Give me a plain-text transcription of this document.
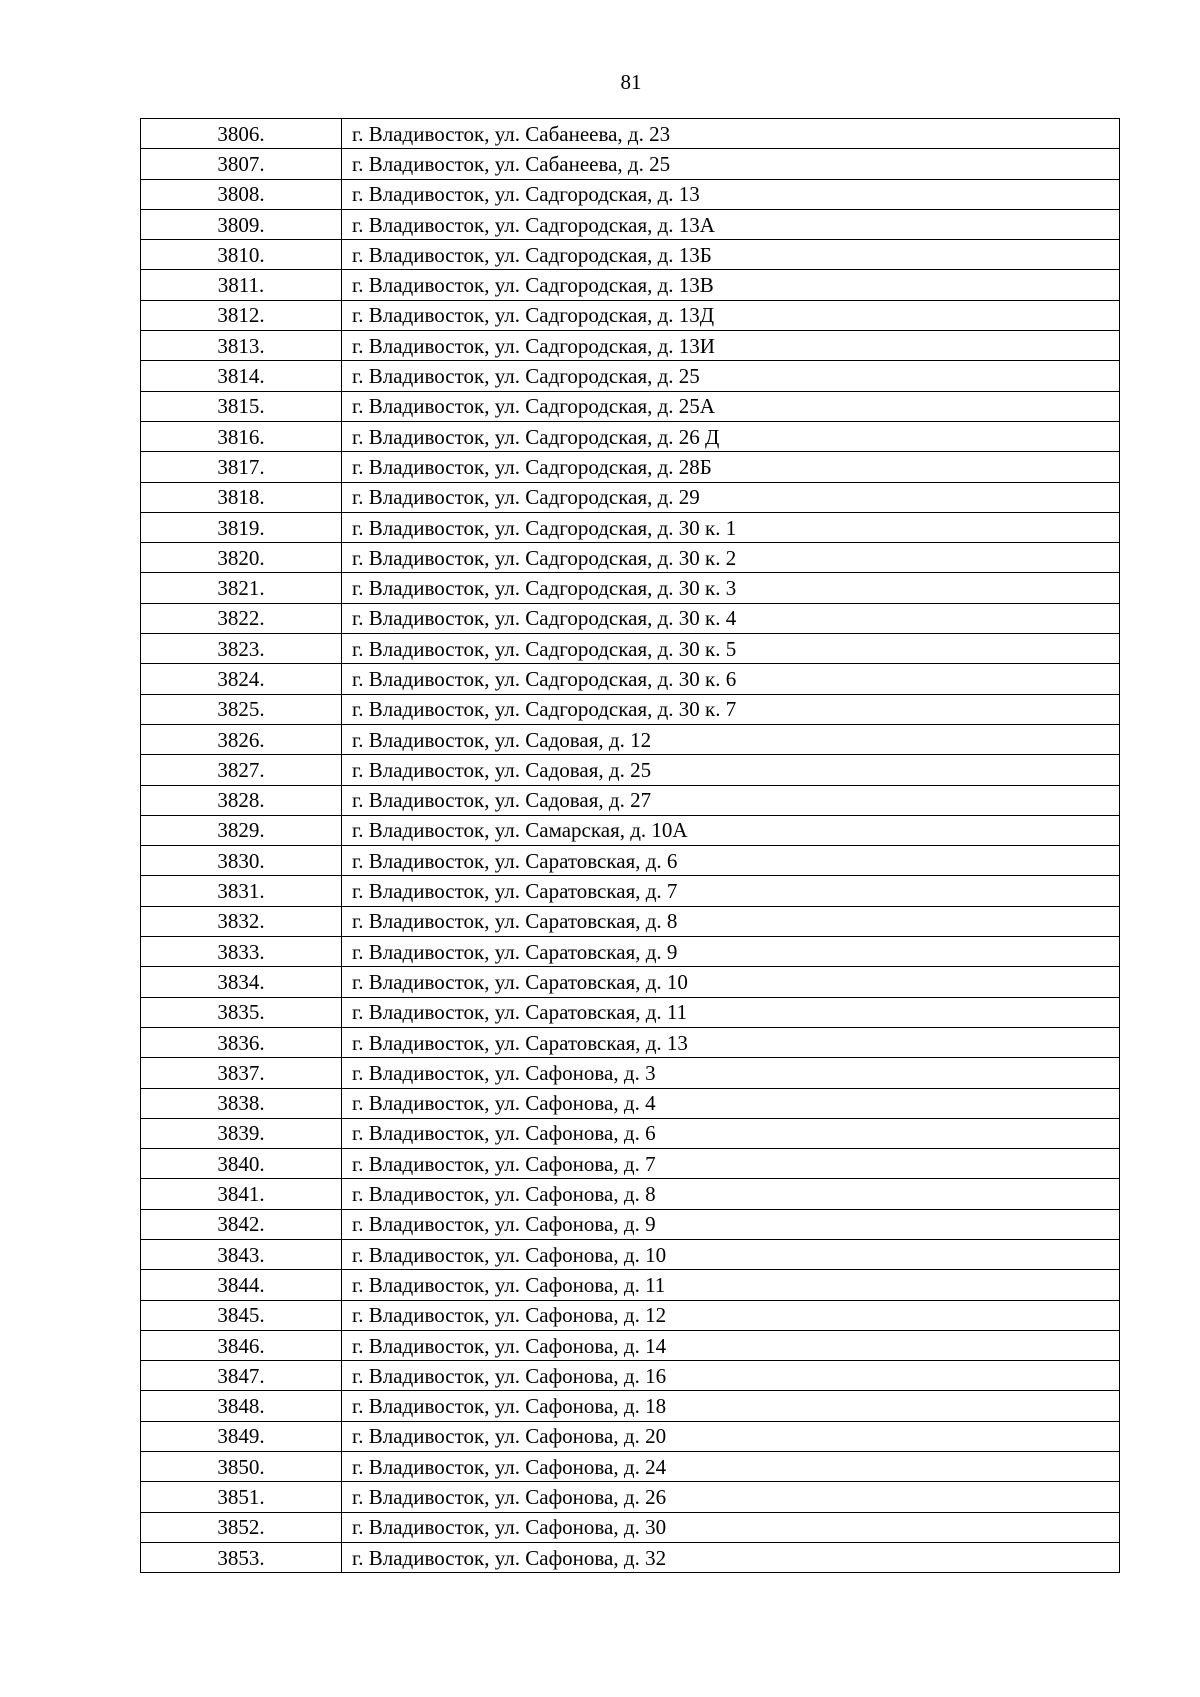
81
3806.	г. Владивосток, ул. Сабанеева, д. 23
3807.	г. Владивосток, ул. Сабанеева, д. 25
3808.	г. Владивосток, ул. Садгородская, д. 13
3809.	г. Владивосток, ул. Садгородская, д. 13А
3810.	г. Владивосток, ул. Садгородская, д. 13Б
3811.	г. Владивосток, ул. Садгородская, д. 13В
3812.	г. Владивосток, ул. Садгородская, д. 13Д
3813.	г. Владивосток, ул. Садгородская, д. 13И
3814.	г. Владивосток, ул. Садгородская, д. 25
3815.	г. Владивосток, ул. Садгородская, д. 25А
3816.	г. Владивосток, ул. Садгородская, д. 26 Д
3817.	г. Владивосток, ул. Садгородская, д. 28Б
3818.	г. Владивосток, ул. Садгородская, д. 29
3819.	г. Владивосток, ул. Садгородская, д. 30 к. 1
3820.	г. Владивосток, ул. Садгородская, д. 30 к. 2
3821.	г. Владивосток, ул. Садгородская, д. 30 к. 3
3822.	г. Владивосток, ул. Садгородская, д. 30 к. 4
3823.	г. Владивосток, ул. Садгородская, д. 30 к. 5
3824.	г. Владивосток, ул. Садгородская, д. 30 к. 6
3825.	г. Владивосток, ул. Садгородская, д. 30 к. 7
3826.	г. Владивосток, ул. Садовая, д. 12
3827.	г. Владивосток, ул. Садовая, д. 25
3828.	г. Владивосток, ул. Садовая, д. 27
3829.	г. Владивосток, ул. Самарская, д. 10А
3830.	г. Владивосток, ул. Саратовская, д. 6
3831.	г. Владивосток, ул. Саратовская, д. 7
3832.	г. Владивосток, ул. Саратовская, д. 8
3833.	г. Владивосток, ул. Саратовская, д. 9
3834.	г. Владивосток, ул. Саратовская, д. 10
3835.	г. Владивосток, ул. Саратовская, д. 11
3836.	г. Владивосток, ул. Саратовская, д. 13
3837.	г. Владивосток, ул. Сафонова, д. 3
3838.	г. Владивосток, ул. Сафонова, д. 4
3839.	г. Владивосток, ул. Сафонова, д. 6
3840.	г. Владивосток, ул. Сафонова, д. 7
3841.	г. Владивосток, ул. Сафонова, д. 8
3842.	г. Владивосток, ул. Сафонова, д. 9
3843.	г. Владивосток, ул. Сафонова, д. 10
3844.	г. Владивосток, ул. Сафонова, д. 11
3845.	г. Владивосток, ул. Сафонова, д. 12
3846.	г. Владивосток, ул. Сафонова, д. 14
3847.	г. Владивосток, ул. Сафонова, д. 16
3848.	г. Владивосток, ул. Сафонова, д. 18
3849.	г. Владивосток, ул. Сафонова, д. 20
3850.	г. Владивосток, ул. Сафонова, д. 24
3851.	г. Владивосток, ул. Сафонова, д. 26
3852.	г. Владивосток, ул. Сафонова, д. 30
3853.	г. Владивосток, ул. Сафонова, д. 32
